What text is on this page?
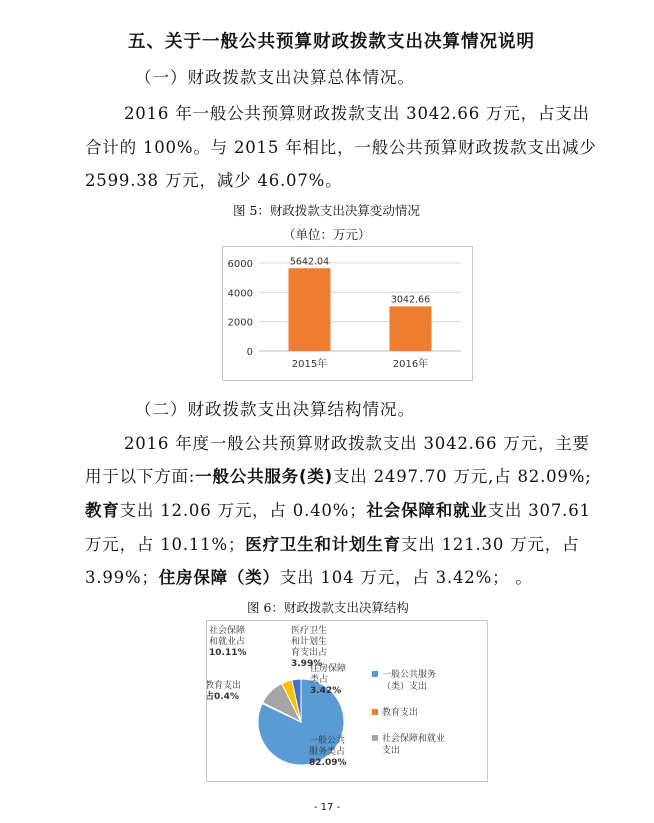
五、关于一般公共预算财政拨款支出决算情况说明
（一）财政拨款支出决算总体情况。
2016 年一般公共预算财政拨款支出 3042.66 万元，占支出
合计的 100%。与 2015 年相比，一般公共预算财政拨款支出减少
2599.38 万元，减少 46.07%。
图 5：财政拨款支出决算变动情况
（单位：万元）
0
2000
4000
6000	5642.04
2015年
3042.66
2016年
（二）财政拨款支出决算结构情况。
2016 年度一般公共预算财政拨款支出 3042.66 万元，主要
用于以下方面:一般公共服务(类)支出 2497.70 万元,占 82.09%;
教育支出 12.06 万元，占 0.40%；社会保障和就业支出 307.61
万元，占 10.11%；医疗卫生和计划生育支出 121.30 万元，占
3.99%；住房保障（类）支出 104 万元，占 3.42%； 。
图 6：财政拨款支出决算结构
社会保障和就业占 10.11%
医疗卫生和计划生育支出占 3.99%
教育支出占0.4%
住房保障类占 3.42%
一般公共服务类占 82.09%
一般公共服务（类）支出
教育支出
社会保障和就业支出
- 17 -
